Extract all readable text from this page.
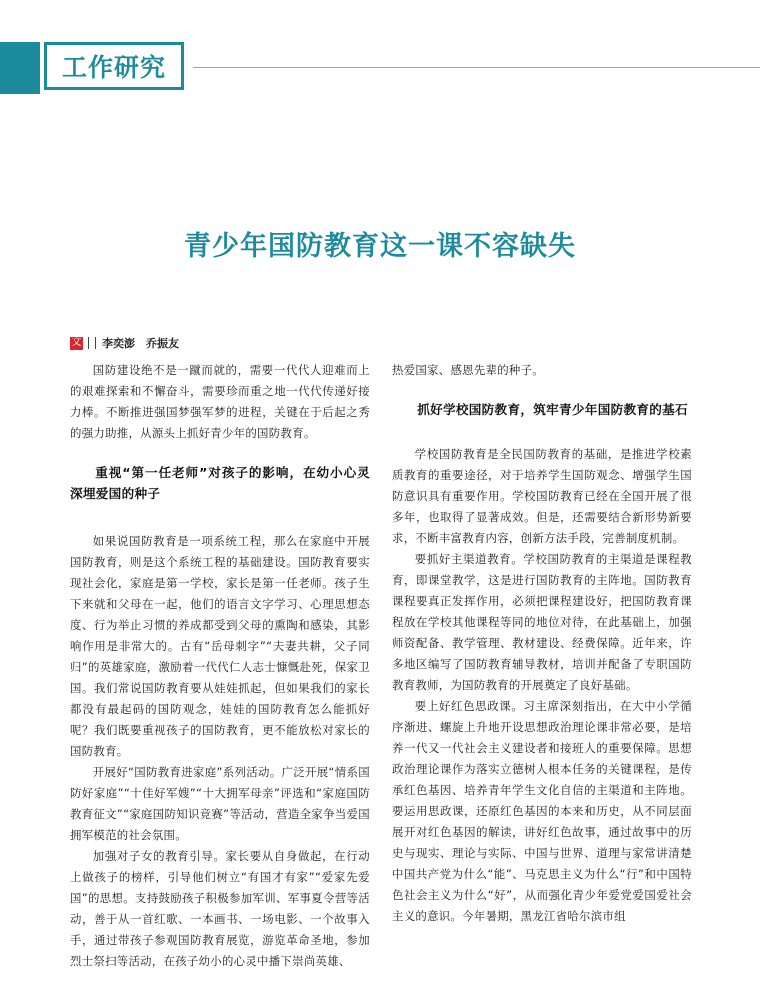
工作研究
青少年国防教育这一课不容缺失
文 李奕澎　乔振友

国防建设绝不是一蹴而就的，需要一代代人迎难而上的艰难探索和不懈奋斗，需要珍而重之地一代代传递好接力棒。不断推进强国梦强军梦的进程，关键在于后起之秀的强力助推，从源头上抓好青少年的国防教育。

重视“第一任老师”对孩子的影响，在幼小心灵深埋爱国的种子

如果说国防教育是一项系统工程，那么在家庭中开展国防教育，则是这个系统工程的基础建设。国防教育要实现社会化，家庭是第一学校，家长是第一任老师。孩子生下来就和父母在一起，他们的语言文字学习、心理思想态度、行为举止习惯的养成都受到父母的熏陶和感染，其影响作用是非常大的。古有“岳母刺字”“夫妻共耕，父子同归”的英雄家庭，激励着一代代仁人志士慷慨赴死，保家卫国。我们常说国防教育要从娃娃抓起，但如果我们的家长都没有最起码的国防观念，娃娃的国防教育怎么能抓好呢？我们既要重视孩子的国防教育，更不能放松对家长的国防教育。

开展好“国防教育进家庭”系列活动。广泛开展“情系国防好家庭”“十佳好军嫂”“十大拥军母亲”评选和“家庭国防教育征文”“家庭国防知识竞赛”等活动，营造全家争当爱国拥军模范的社会氛围。

加强对子女的教育引导。家长要从自身做起，在行动上做孩子的榜样，引导他们树立“有国才有家”“爱家先爱国”的思想。支持鼓励孩子积极参加军训、军事夏令营等活动，善于从一首红歌、一本画书、一场电影、一个故事入手，通过带孩子参观国防教育展览，游览革命圣地，参加烈士祭扫等活动，在孩子幼小的心灵中播下崇尚英雄、

热爱国家、感恩先辈的种子。

抓好学校国防教育，筑牢青少年国防教育的基石

学校国防教育是全民国防教育的基础，是推进学校素质教育的重要途径，对于培养学生国防观念、增强学生国防意识具有重要作用。学校国防教育已经在全国开展了很多年，也取得了显著成效。但是，还需要结合新形势新要求，不断丰富教育内容，创新方法手段，完善制度机制。

要抓好主渠道教育。学校国防教育的主渠道是课程教育，即课堂教学，这是进行国防教育的主阵地。国防教育课程要真正发挥作用，必须把课程建设好，把国防教育课程放在学校其他课程等同的地位对待，在此基础上，加强师资配备、教学管理、教材建设、经费保障。近年来，许多地区编写了国防教育辅导教材，培训并配备了专职国防教育教师，为国防教育的开展奠定了良好基础。

要上好红色思政课。习主席深刻指出，在大中小学循序渐进、螺旋上升地开设思想政治理论课非常必要，是培养一代又一代社会主义建设者和接班人的重要保障。思想政治理论课作为落实立德树人根本任务的关键课程，是传承红色基因、培养青年学生文化自信的主渠道和主阵地。要运用思政课，还原红色基因的本来和历史，从不同层面展开对红色基因的解读，讲好红色故事，通过故事中的历史与现实、理论与实际、中国与世界、道理与家常讲清楚中国共产党为什么“能”、马克思主义为什么“行”和中国特色社会主义为什么“好”，从而强化青少年爱党爱国爱社会主义的意识。今年暑期，黑龙江省哈尔滨市组
